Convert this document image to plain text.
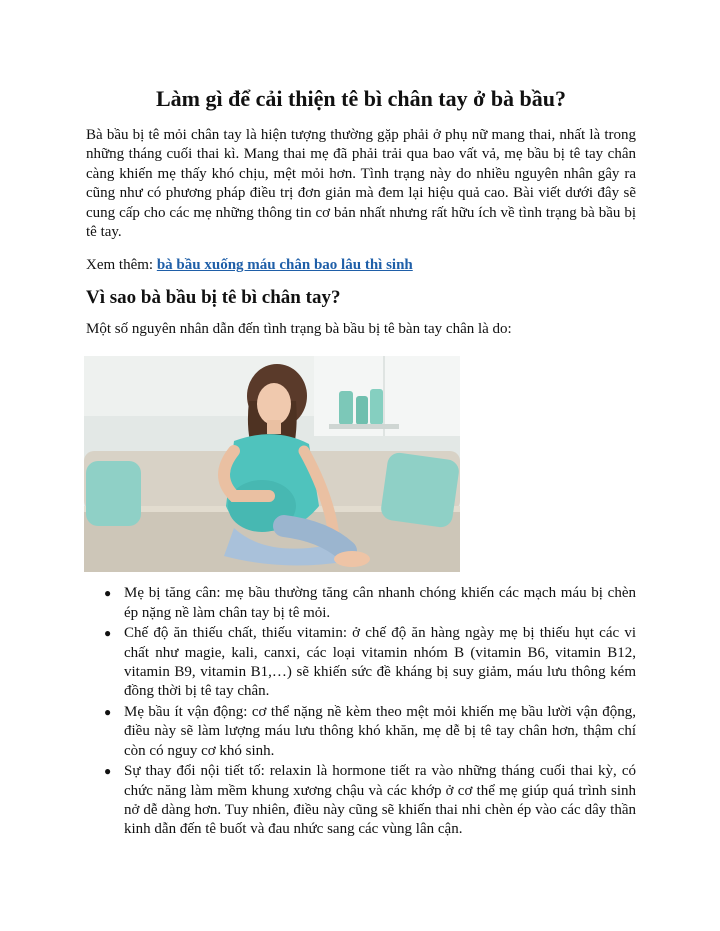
Làm gì để cải thiện tê bì chân tay ở bà bầu?

Bà bầu bị tê mỏi chân tay là hiện tượng thường gặp phải ở phụ nữ mang thai, nhất là trong những tháng cuối thai kì. Mang thai mẹ đã phải trải qua bao vất vả, mẹ bầu bị tê tay chân càng khiến mẹ thấy khó chịu, mệt mỏi hơn. Tình trạng này do nhiều nguyên nhân gây ra cũng như có phương pháp điều trị đơn giản mà đem lại hiệu quả cao. Bài viết dưới đây sẽ cung cấp cho các mẹ những thông tin cơ bản nhất nhưng rất hữu ích về tình trạng bà bầu bị tê tay.

Xem thêm: bà bầu xuống máu chân bao lâu thì sinh

Vì sao bà bầu bị tê bì chân tay?

Một số nguyên nhân dẫn đến tình trạng bà bầu bị tê bàn tay chân là do:

● Mẹ bị tăng cân: mẹ bầu thường tăng cân nhanh chóng khiến các mạch máu bị chèn ép nặng nề làm chân tay bị tê mỏi.
● Chế độ ăn thiếu chất, thiếu vitamin: ở chế độ ăn hàng ngày mẹ bị thiếu hụt các vi chất như magie, kali, canxi, các loại vitamin nhóm B (vitamin B6, vitamin B12, vitamin B9, vitamin B1,…) sẽ khiến sức đề kháng bị suy giảm, máu lưu thông kém đồng thời bị tê tay chân.
● Mẹ bầu ít vận động: cơ thể nặng nề kèm theo mệt mỏi khiến mẹ bầu lười vận động, điều này sẽ làm lượng máu lưu thông khó khăn, mẹ dễ bị tê tay chân hơn, thậm chí còn có nguy cơ khó sinh.
● Sự thay đổi nội tiết tố: relaxin là hormone tiết ra vào những tháng cuối thai kỳ, có chức năng làm mềm khung xương chậu và các khớp ở cơ thể mẹ giúp quá trình sinh nở dễ dàng hơn. Tuy nhiên, điều này cũng sẽ khiến thai nhi chèn ép vào các dây thần kinh dẫn đến tê buốt và đau nhức sang các vùng lân cận.
